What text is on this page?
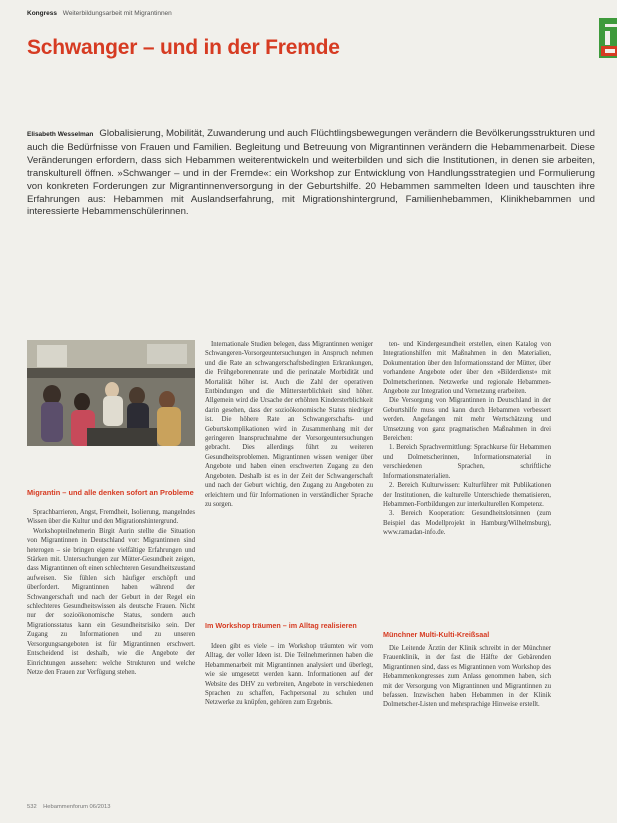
Kongress Weiterbildungsarbeit mit Migrantinnen
Schwanger – und in der Fremde
Elisabeth Wesselman Globalisierung, Mobilität, Zuwanderung und auch Flüchtlingsbewegungen verändern die Bevölkerungsstrukturen und auch die Bedürfnisse von Frauen und Familien. Begleitung und Betreuung von Migrantinnen verändern die Hebammenarbeit. Diese Veränderungen erfordern, dass sich Hebammen weiterentwickeln und weiterbilden und sich die Institutionen, in denen sie arbeiten, transkulturell öffnen. »Schwanger – und in der Fremde«: ein Workshop zur Entwicklung von Handlungsstrategien und Formulierung von konkreten Forderungen zur Migrantinnenversorgung in der Geburtshilfe. 20 Hebammen sammelten Ideen und tauschten ihre Erfahrungen aus: Hebammen mit Auslandserfahrung, mit Migrationshintergrund, Familienhebammen, Klinikhebammen und interessierte Hebammenschülerinnen.
Migrantin – und alle denken sofort an Probleme

Sprachbarrieren, Angst, Fremdheit, Isolierung, mangelndes Wissen über die Kultur und den Migrationshintergrund.

Workshopteilnehmerin Birgit Aurin stellte die Situation von Migrantinnen in Deutschland vor: Migrantinnen sind heterogen – sie bringen eigene vielfältige Erfahrungen und Stärken mit. Untersuchungen zur Mütter-Gesundheit zeigen, dass Migrantinnen oft einen schlechteren Gesundheitszustand aufweisen. Sie fühlen sich häufiger erschöpft und überfordert. Migrantinnen haben während der Schwangerschaft und nach der Geburt in der Regel ein schlechteres Gesundheitswissen als deutsche Frauen. Nicht nur der sozioökonomische Status, sondern auch Migrationsstatus kann ein Gesundheitsrisiko sein. Der Zugang zu Informationen und zu unseren Versorgungsangeboten ist für Migrantinnen erschwert. Entscheidend ist deshalb, wie die Angebote der Einrichtungen aussehen: welche Strukturen und welche Netze den Frauen zur Verfügung stehen.

Internationale Studien belegen, dass Migrantinnen weniger Schwangeren-Vorsorgeuntersuchungen in Anspruch nehmen und die Rate an schwangerschaftsbedingten Erkrankungen, die Frühgeborenenrate und die perinatale Morbidität und Mortalität höher ist. Auch die Zahl der operativen Entbindungen und die Müttersterblichkeit sind höher. Allgemein wird die Ursache der erhöhten Kindersterblichkeit darin gesehen, dass der sozioökonomische Status niedriger ist. Die höhere Rate an Schwangerschafts- und Geburtskomplikationen wird in Zusammenhang mit der geringeren Inanspruchnahme der Vorsorgeuntersuchungen gebracht. Dies allerdings führt zu weiteren Gesundheitsproblemen. Migrantinnen wissen weniger über Angebote und haben einen erschwerten Zugang zu den Angeboten. Deshalb ist es in der Zeit der Schwangerschaft und nach der Geburt wichtig, den Zugang zu Angeboten zu erleichtern und für Informationen in verständlicher Sprache zu sorgen.

Im Workshop träumen – im Alltag realisieren

Ideen gibt es viele – im Workshop träumten wir vom Alltag, der voller Ideen ist. Die Teilnehmerinnen haben die Hebammenarbeit mit Migrantinnen analysiert und überlegt, wie sie umgesetzt werden kann. Informationen auf der Website des DHV zu verbreiten, Angebote in verschiedenen Sprachen zu schaffen, Fachpersonal zu schulen und Netzwerke zu knüpfen, gehören zum Ergebnis.

ten- und Kindergesundheit erstellen, einen Katalog von Integrationshilfen mit Maßnahmen in den Materialien, Dokumentation über den Informationsstand der Mütter, über vorhandene Angebote oder über den »Bilderdienst« mit Dolmetscherinnen. Netzwerke und regionale Hebammen-Angebote zur Integration und Vernetzung erarbeiten.

Die Versorgung von Migrantinnen in Deutschland in der Geburtshilfe muss und kann durch Hebammen verbessert werden. Angefangen mit mehr Wertschätzung und Umsetzung von ganz pragmatischen Maßnahmen in drei Bereichen:

1. Bereich Sprachvermittlung: Sprachkurse für Hebammen und Dolmetscherinnen, Informationsmaterial in verschiedenen Sprachen, schriftliche Informationsmaterialien.

2. Bereich Kulturwissen: Kulturführer mit Publikationen der Institutionen, die kulturelle Unterschiede thematisieren, Hebammen-Fortbildungen zur interkulturellen Kompetenz.

3. Bereich Kooperation: Gesundheitslotsinnen (zum Beispiel das Modellprojekt in Hamburg/Wilhelmsburg), www.ramadan-info.de.

Münchner Multi-Kulti-Kreißsaal

Die Leitende Ärztin der Klinik schreibt in der Münchner Frauenklinik, in der fast die Hälfte der Gebärenden Migrantinnen sind, dass es Migrantinnen vom Workshop des Hebammenkongresses zum Anlass genommen haben, sich mit der Versorgung von Migrantinnen und Migrantinnen zu befassen. Inzwischen haben Hebammen in der Klinik Dolmetscher-Listen und mehrsprachige Hinweise erstellt.

532 Hebammenforum 06/2013
